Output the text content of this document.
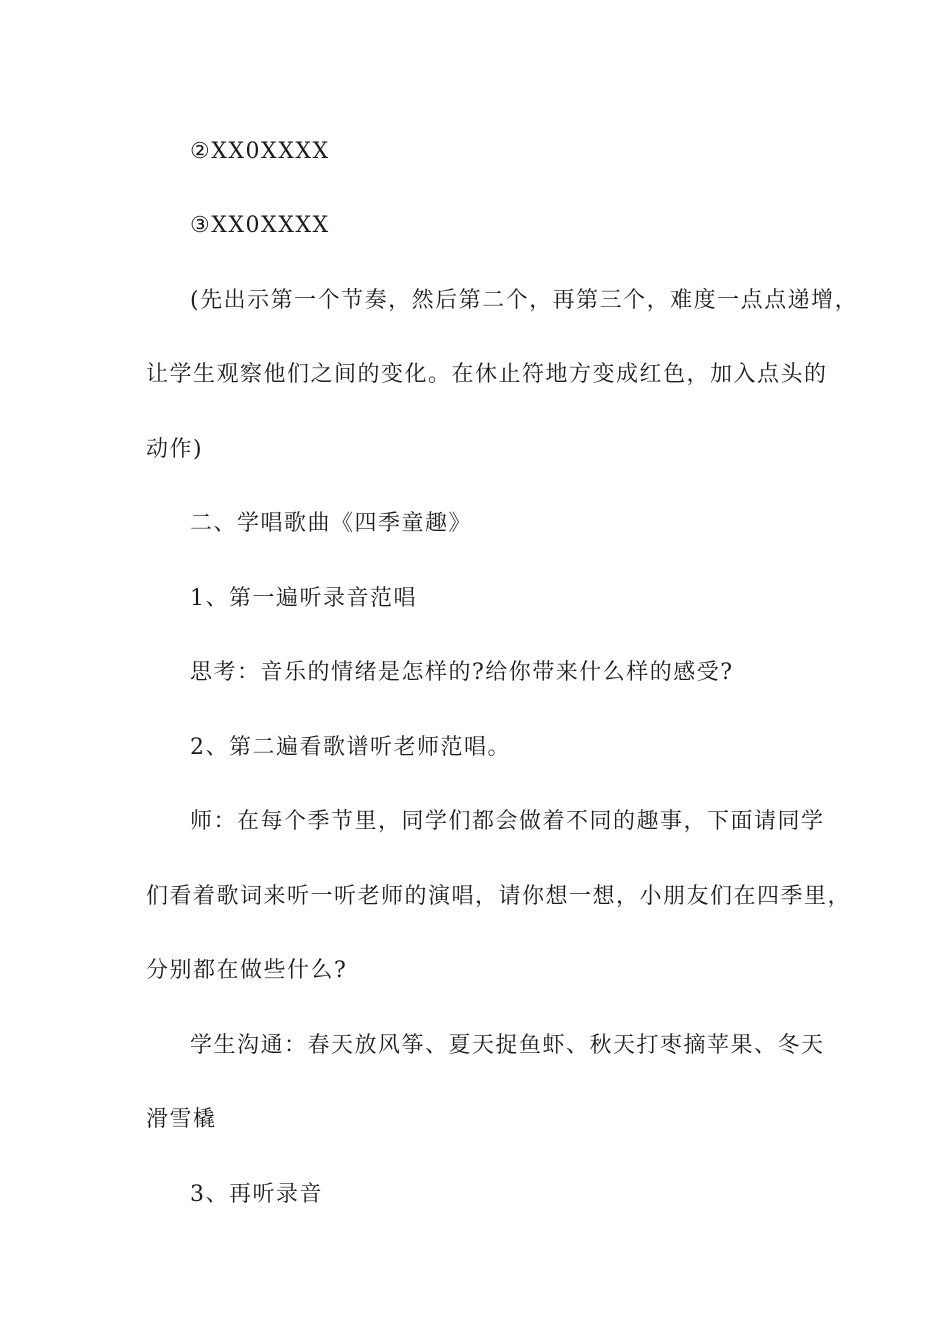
②XX0XXXX
③XX0XXXX
(先出示第一个节奏，然后第二个，再第三个，难度一点点递增，
让学生观察他们之间的变化。在休止符地方变成红色，加入点头的
动作)
二、学唱歌曲《四季童趣》
1、第一遍听录音范唱
思考：音乐的情绪是怎样的?给你带来什么样的感受?
2、第二遍看歌谱听老师范唱。
师：在每个季节里，同学们都会做着不同的趣事，下面请同学
们看着歌词来听一听老师的演唱，请你想一想，小朋友们在四季里，
分别都在做些什么?
学生沟通：春天放风筝、夏天捉鱼虾、秋天打枣摘苹果、冬天
滑雪橇
3、再听录音
